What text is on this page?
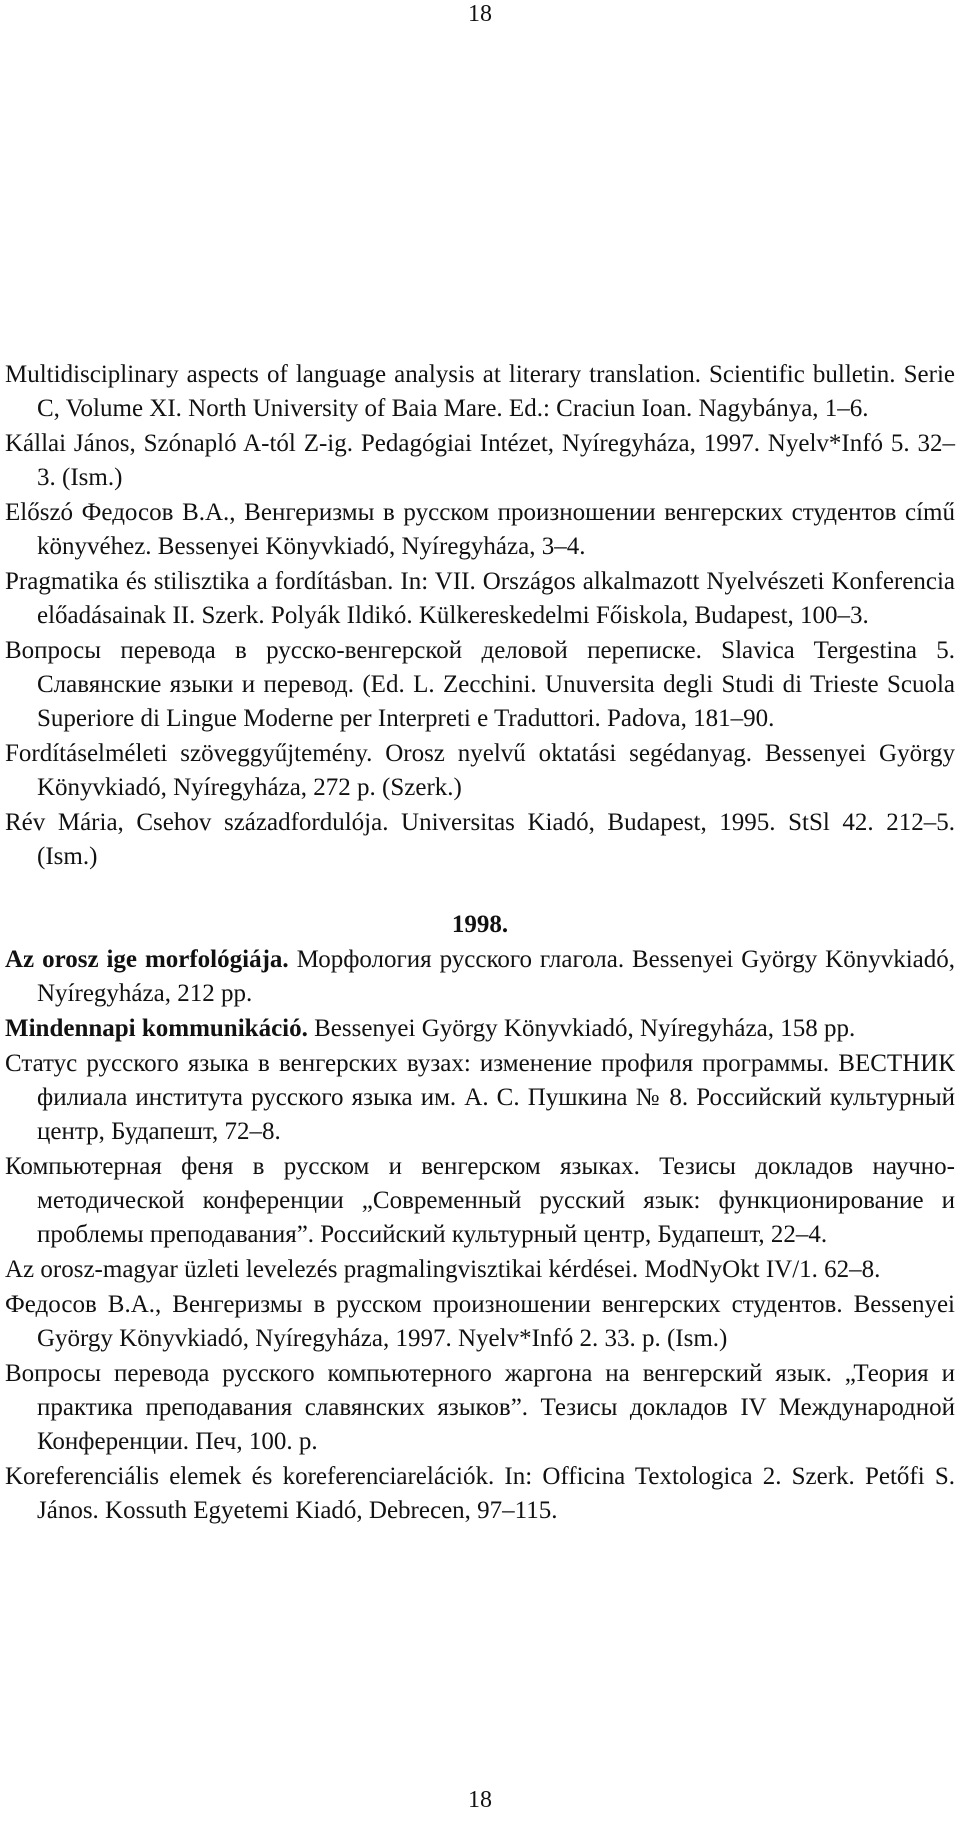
18
Multidisciplinary aspects of language analysis at literary translation. Scientific bulletin. Serie C, Volume XI. North University of Baia Mare. Ed.: Craciun Ioan. Nagybánya, 1–6.
Kállai János, Szónapló A-tól Z-ig. Pedagógiai Intézet, Nyíregyháza, 1997. Nyelv*Infó 5. 32–3. (Ism.)
Előszó Федосов В.А., Венгеризмы в русском произношении венгерских студентов című könyvéhez. Bessenyei Könyvkiadó, Nyíregyháza, 3–4.
Pragmatika és stilisztika a fordításban. In: VII. Országos alkalmazott Nyelvészeti Konferencia előadásainak II. Szerk. Polyák Ildikó. Külkereskedelmi Főiskola, Budapest, 100–3.
Вопросы перевода в русско-венгерской деловой переписке. Slavica Tergestina 5. Славянские языки и перевод. (Ed. L. Zecchini. Unuversita degli Studi di Trieste Scuola Superiore di Lingue Moderne per Interpreti e Traduttori. Padova, 181–90.
Fordításelméleti szöveggyűjtemény. Orosz nyelvű oktatási segédanyag. Bessenyei György Könyvkiadó, Nyíregyháza, 272 p. (Szerk.)
Rév Mária, Csehov századfordulója. Universitas Kiadó, Budapest, 1995. StSl 42. 212–5. (Ism.)
1998.
Az orosz ige morfológiája. Морфология русского глагола. Bessenyei György Könyvkiadó, Nyíregyháza, 212 pp.
Mindennapi kommunikáció. Bessenyei György Könyvkiadó, Nyíregyháza, 158 pp.
Статус русского языка в венгерских вузах: изменение профиля программы. ВЕСТНИК филиала института русского языка им. А. С. Пушкина № 8. Российский культурный центр, Будапешт, 72–8.
Компьютерная феня в русском и венгерском языках. Тезисы докладов научно-методической конференции „Современный русский язык: функционирование и проблемы преподавания”. Российский культурный центр, Будапешт, 22–4.
Az orosz-magyar üzleti levelezés pragmalingvisztikai kérdései. ModNyOkt IV/1. 62–8.
Федосов В.А., Венгеризмы в русском произношении венгерских студентов. Bessenyei György Könyvkiadó, Nyíregyháza, 1997. Nyelv*Infó 2. 33. p. (Ism.)
Вопросы перевода русского компьютерного жаргона на венгерский язык. „Теория и практика преподавания славянских языков”. Тезисы докладов IV Международной Конференции. Печ, 100. p.
Koreferenciális elemek és koreferenciarelációk. In: Officina Textologica 2. Szerk. Petőfi S. János. Kossuth Egyetemi Kiadó, Debrecen, 97–115.
18
